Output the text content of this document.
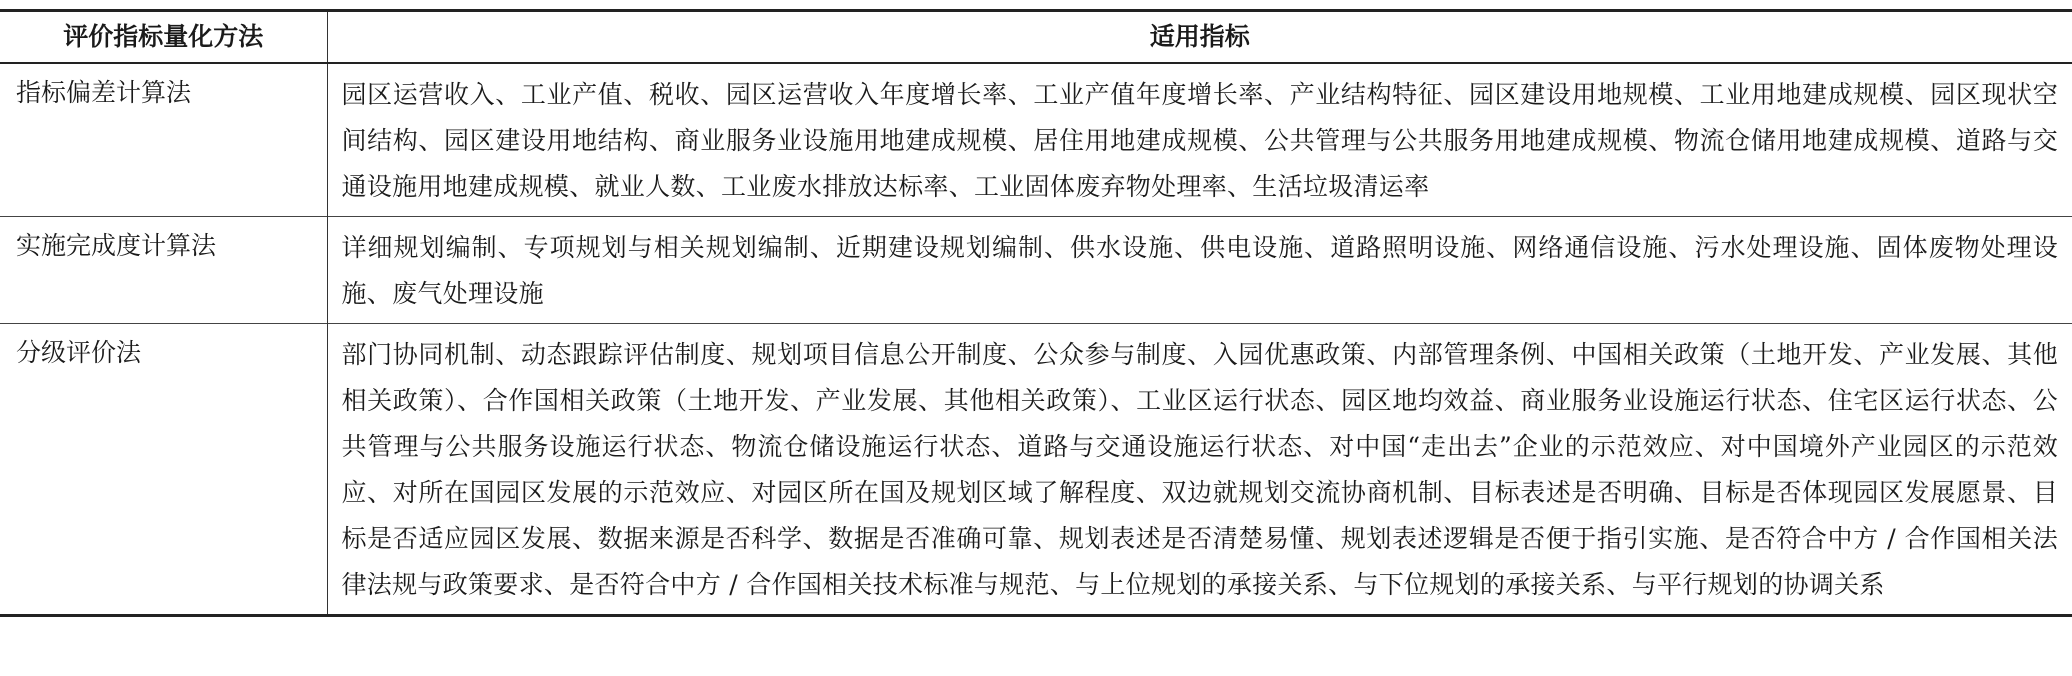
评价指标量化方法	适用指标
指标偏差计算法	园区运营收入、工业产值、税收、园区运营收入年度增长率、工业产值年度增长率、产业结构特征、园区建设用地规模、工业用地建成规模、园区现状空间结构、园区建设用地结构、商业服务业设施用地建成规模、居住用地建成规模、公共管理与公共服务用地建成规模、物流仓储用地建成规模、道路与交通设施用地建成规模、就业人数、工业废水排放达标率、工业固体废弃物处理率、生活垃圾清运率
实施完成度计算法	详细规划编制、专项规划与相关规划编制、近期建设规划编制、供水设施、供电设施、道路照明设施、网络通信设施、污水处理设施、固体废物处理设施、废气处理设施
分级评价法	部门协同机制、动态跟踪评估制度、规划项目信息公开制度、公众参与制度、入园优惠政策、内部管理条例、中国相关政策（土地开发、产业发展、其他相关政策）、合作国相关政策（土地开发、产业发展、其他相关政策）、工业区运行状态、园区地均效益、商业服务业设施运行状态、住宅区运行状态、公共管理与公共服务设施运行状态、物流仓储设施运行状态、道路与交通设施运行状态、对中国“走出去”企业的示范效应、对中国境外产业园区的示范效应、对所在国园区发展的示范效应、对园区所在国及规划区域了解程度、双边就规划交流协商机制、目标表述是否明确、目标是否体现园区发展愿景、目标是否适应园区发展、数据来源是否科学、数据是否准确可靠、规划表述是否清楚易懂、规划表述逻辑是否便于指引实施、是否符合中方 / 合作国相关法律法规与政策要求、是否符合中方 / 合作国相关技术标准与规范、与上位规划的承接关系、与下位规划的承接关系、与平行规划的协调关系
